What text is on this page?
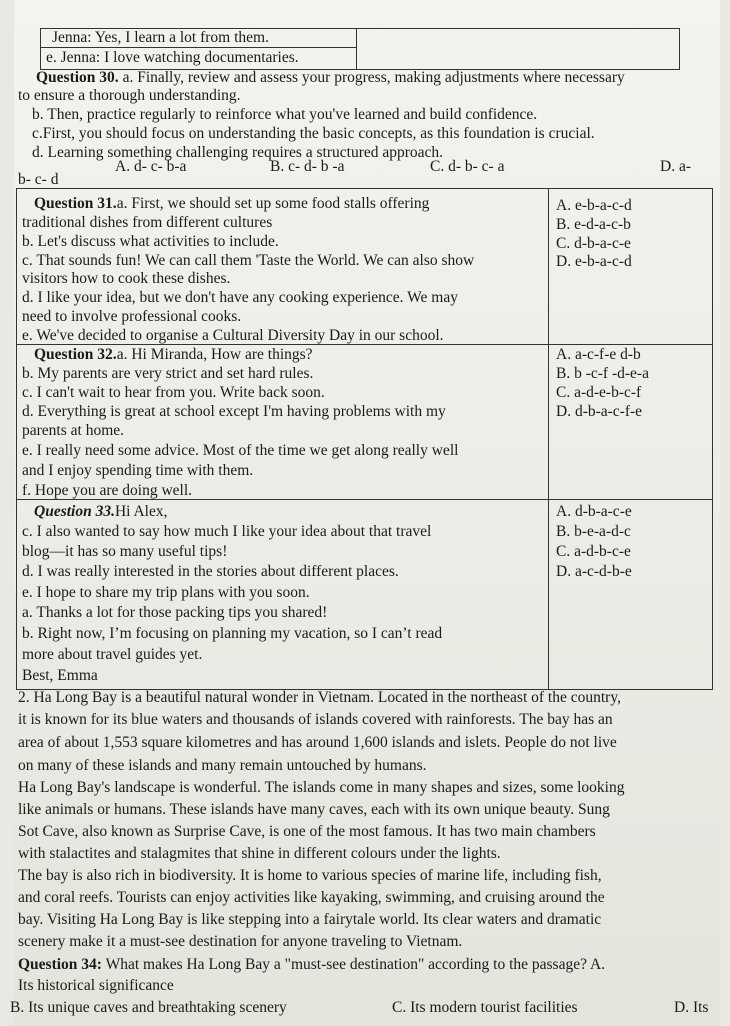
Jenna: Yes, I learn a lot from them.
e. Jenna: I love watching documentaries.
Question 30. a. Finally, review and assess your progress, making adjustments where necessary
to ensure a thorough understanding.
b. Then, practice regularly to reinforce what you've learned and build confidence.
c.First, you should focus on understanding the basic concepts, as this foundation is crucial.
d. Learning something challenging requires a structured approach.
A. d- c- b-a	B. c- d- b -a	C. d- b- c- a	D. a-
b- c- d
Question 31.a. First, we should set up some food stalls offering
traditional dishes from different cultures
b. Let's discuss what activities to include.
c. That sounds fun! We can call them 'Taste the World. We can also show
visitors how to cook these dishes.
d. I like your idea, but we don't have any cooking experience. We may
need to involve professional cooks.
e. We've decided to organise a Cultural Diversity Day in our school.
A. e-b-a-c-d
B. e-d-a-c-b
C. d-b-a-c-e
D. e-b-a-c-d
Question 32.a. Hi Miranda, How are things?
b. My parents are very strict and set hard rules.
c. I can't wait to hear from you. Write back soon.
d. Everything is great at school except I'm having problems with my
parents at home.
e. I really need some advice. Most of the time we get along really well
and I enjoy spending time with them.
f. Hope you are doing well.
A. a-c-f-e d-b
B. b -c-f -d-e-a
C. a-d-e-b-c-f
D. d-b-a-c-f-e
Question 33.Hi Alex,
c. I also wanted to say how much I like your idea about that travel
blog—it has so many useful tips!
d. I was really interested in the stories about different places.
e. I hope to share my trip plans with you soon.
a. Thanks a lot for those packing tips you shared!
b. Right now, I’m focusing on planning my vacation, so I can’t read
more about travel guides yet.
Best, Emma
A. d-b-a-c-e
B. b-e-a-d-c
C. a-d-b-c-e
D. a-c-d-b-e
2. Ha Long Bay is a beautiful natural wonder in Vietnam. Located in the northeast of the country,
it is known for its blue waters and thousands of islands covered with rainforests. The bay has an
area of about 1,553 square kilometres and has around 1,600 islands and islets. People do not live
on many of these islands and many remain untouched by humans.
Ha Long Bay's landscape is wonderful. The islands come in many shapes and sizes, some looking
like animals or humans. These islands have many caves, each with its own unique beauty. Sung
Sot Cave, also known as Surprise Cave, is one of the most famous. It has two main chambers
with stalactites and stalagmites that shine in different colours under the lights.
The bay is also rich in biodiversity. It is home to various species of marine life, including fish,
and coral reefs. Tourists can enjoy activities like kayaking, swimming, and cruising around the
bay. Visiting Ha Long Bay is like stepping into a fairytale world. Its clear waters and dramatic
scenery make it a must-see destination for anyone traveling to Vietnam.
Question 34: What makes Ha Long Bay a "must-see destination" according to the passage? A.
Its historical significance
B. Its unique caves and breathtaking scenery	C. Its modern tourist facilities	D. Its
